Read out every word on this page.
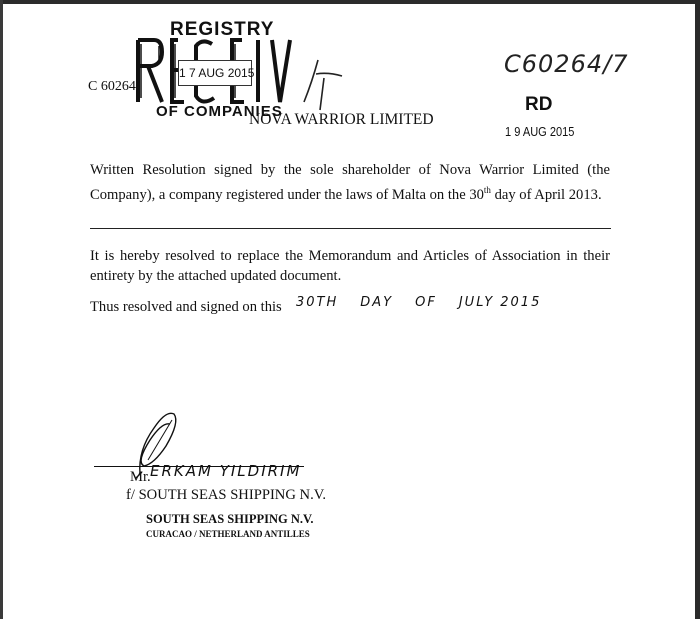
REGISTRY
1 7 AUG 2015
OF COMPANIES
C 60264
NOVA WARRIOR LIMITED
C60264/7
RD
1 9 AUG 2015
Written Resolution signed by the sole shareholder of Nova Warrior Limited (the Company), a company registered under the laws of Malta on the 30th day of April 2013.
It is hereby resolved to replace the Memorandum and Articles of Association in their entirety by the attached updated document.
Thus resolved and signed on this 30TH DAY OF JULY 2015
Mr. ERKAM YILDIRIM
f/ SOUTH SEAS SHIPPING N.V.
SOUTH SEAS SHIPPING N.V.
CURACAO / NETHERLAND ANTILLES
